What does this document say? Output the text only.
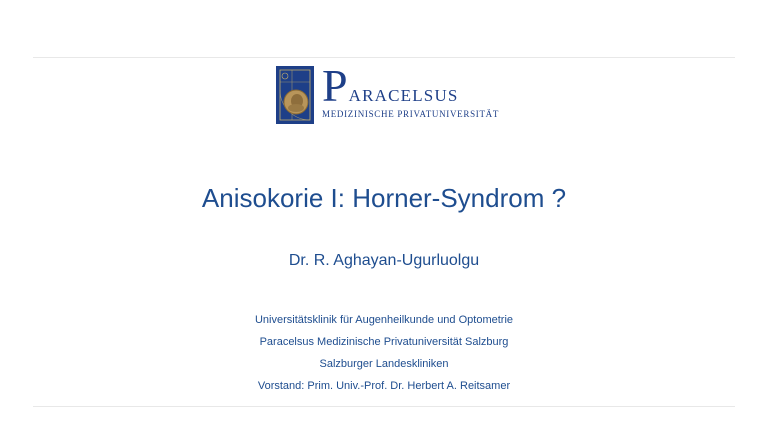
P ARACELSUS
MEDIZINISCHE PRIVATUNIVERSITÄT
Anisokorie I: Horner-Syndrom ?
Dr. R. Aghayan-Ugurluolgu
Universitätsklinik für Augenheilkunde und Optometrie
Paracelsus Medizinische Privatuniversität Salzburg
Salzburger Landeskliniken
Vorstand: Prim. Univ.-Prof. Dr. Herbert A. Reitsamer
